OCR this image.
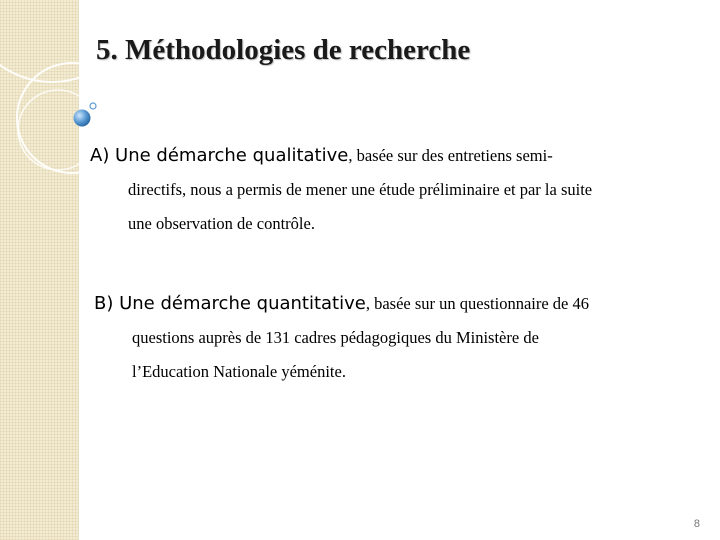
5. Méthodologies de recherche

A) Une démarche qualitative, basée sur des entretiens semi-
directifs, nous a permis de mener une étude préliminaire et par la suite
une observation de contrôle.

B) Une démarche quantitative, basée sur un questionnaire de 46
questions auprès de 131 cadres pédagogiques du Ministère de
l’Education Nationale yéménite.

8
